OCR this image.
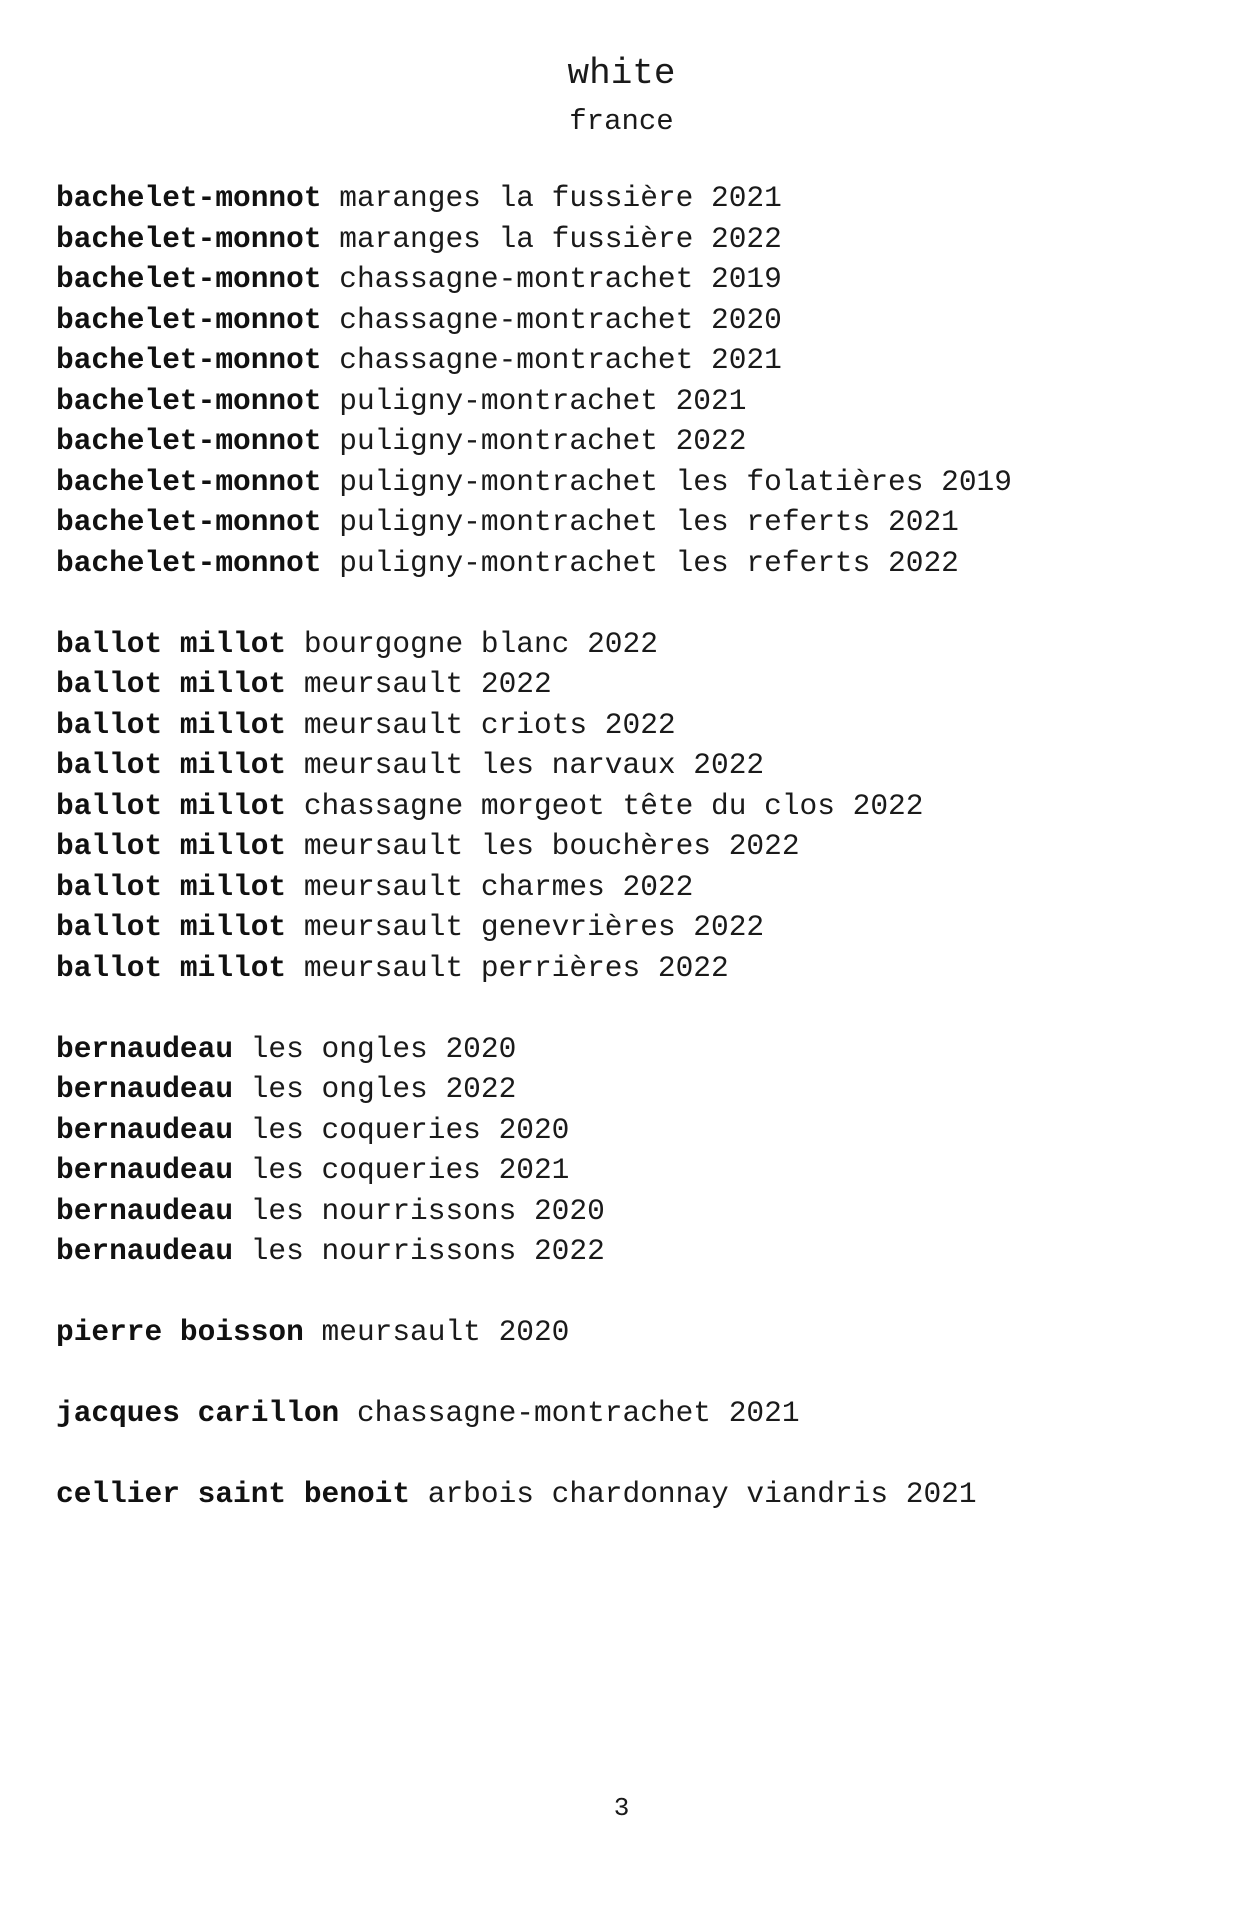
white
france
bachelet-monnot maranges la fussière 2021
bachelet-monnot maranges la fussière 2022
bachelet-monnot chassagne-montrachet 2019
bachelet-monnot chassagne-montrachet 2020
bachelet-monnot chassagne-montrachet 2021
bachelet-monnot puligny-montrachet 2021
bachelet-monnot puligny-montrachet 2022
bachelet-monnot puligny-montrachet les folatières 2019
bachelet-monnot puligny-montrachet les referts 2021
bachelet-monnot puligny-montrachet les referts 2022
ballot millot bourgogne blanc 2022
ballot millot meursault 2022
ballot millot meursault criots 2022
ballot millot meursault les narvaux 2022
ballot millot chassagne morgeot tête du clos 2022
ballot millot meursault les bouchères 2022
ballot millot meursault charmes 2022
ballot millot meursault genevrières 2022
ballot millot meursault perrières 2022
bernaudeau les ongles 2020
bernaudeau les ongles 2022
bernaudeau les coqueries 2020
bernaudeau les coqueries 2021
bernaudeau les nourrissons 2020
bernaudeau les nourrissons 2022
pierre boisson meursault 2020
jacques carillon chassagne-montrachet 2021
cellier saint benoit arbois chardonnay viandris 2021
3
